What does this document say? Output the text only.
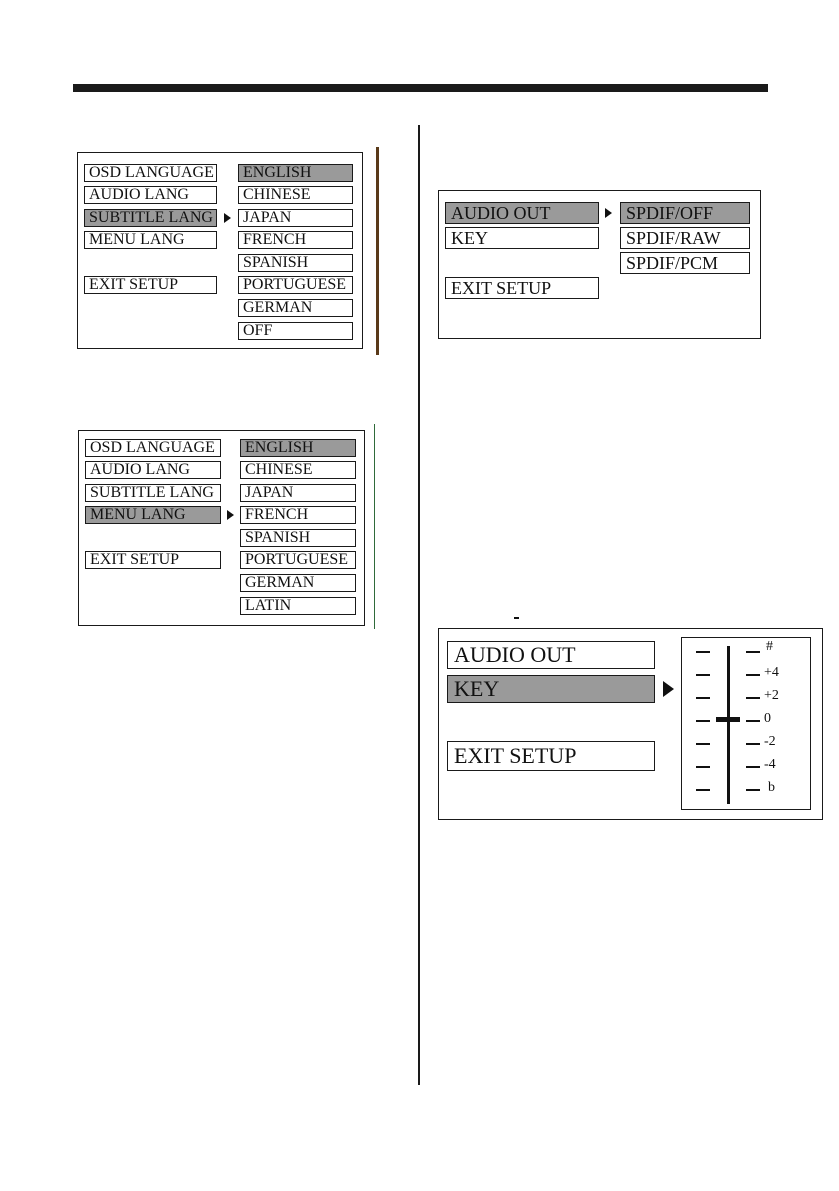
OSD LANGUAGE
AUDIO LANG
SUBTITLE LANG
MENU LANG
EXIT SETUP
ENGLISH
CHINESE
JAPAN
FRENCH
SPANISH
PORTUGUESE
GERMAN
OFF
OSD LANGUAGE
AUDIO LANG
SUBTITLE LANG
MENU LANG
EXIT SETUP
ENGLISH
CHINESE
JAPAN
FRENCH
SPANISH
PORTUGUESE
GERMAN
LATIN
AUDIO OUT
KEY
EXIT SETUP
SPDIF/OFF
SPDIF/RAW
SPDIF/PCM
AUDIO OUT
KEY
EXIT SETUP
#
+4
+2
0
-2
-4
b
